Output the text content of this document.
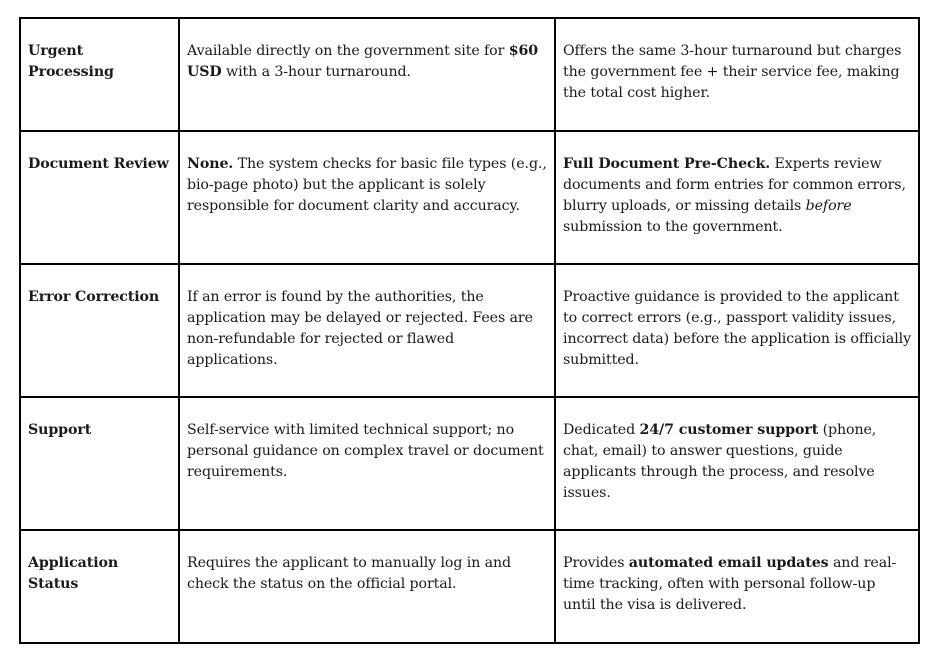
Urgent Processing	Available directly on the government site for $60 USD with a 3-hour turnaround.	Offers the same 3-hour turnaround but charges the government fee + their service fee, making the total cost higher.
Document Review	None. The system checks for basic file types (e.g., bio-page photo) but the applicant is solely responsible for document clarity and accuracy.	Full Document Pre-Check. Experts review documents and form entries for common errors, blurry uploads, or missing details before submission to the government.
Error Correction	If an error is found by the authorities, the application may be delayed or rejected. Fees are non-refundable for rejected or flawed applications.	Proactive guidance is provided to the applicant to correct errors (e.g., passport validity issues, incorrect data) before the application is officially submitted.
Support	Self-service with limited technical support; no personal guidance on complex travel or document requirements.	Dedicated 24/7 customer support (phone, chat, email) to answer questions, guide applicants through the process, and resolve issues.
Application Status	Requires the applicant to manually log in and check the status on the official portal.	Provides automated email updates and real-time tracking, often with personal follow-up until the visa is delivered.
